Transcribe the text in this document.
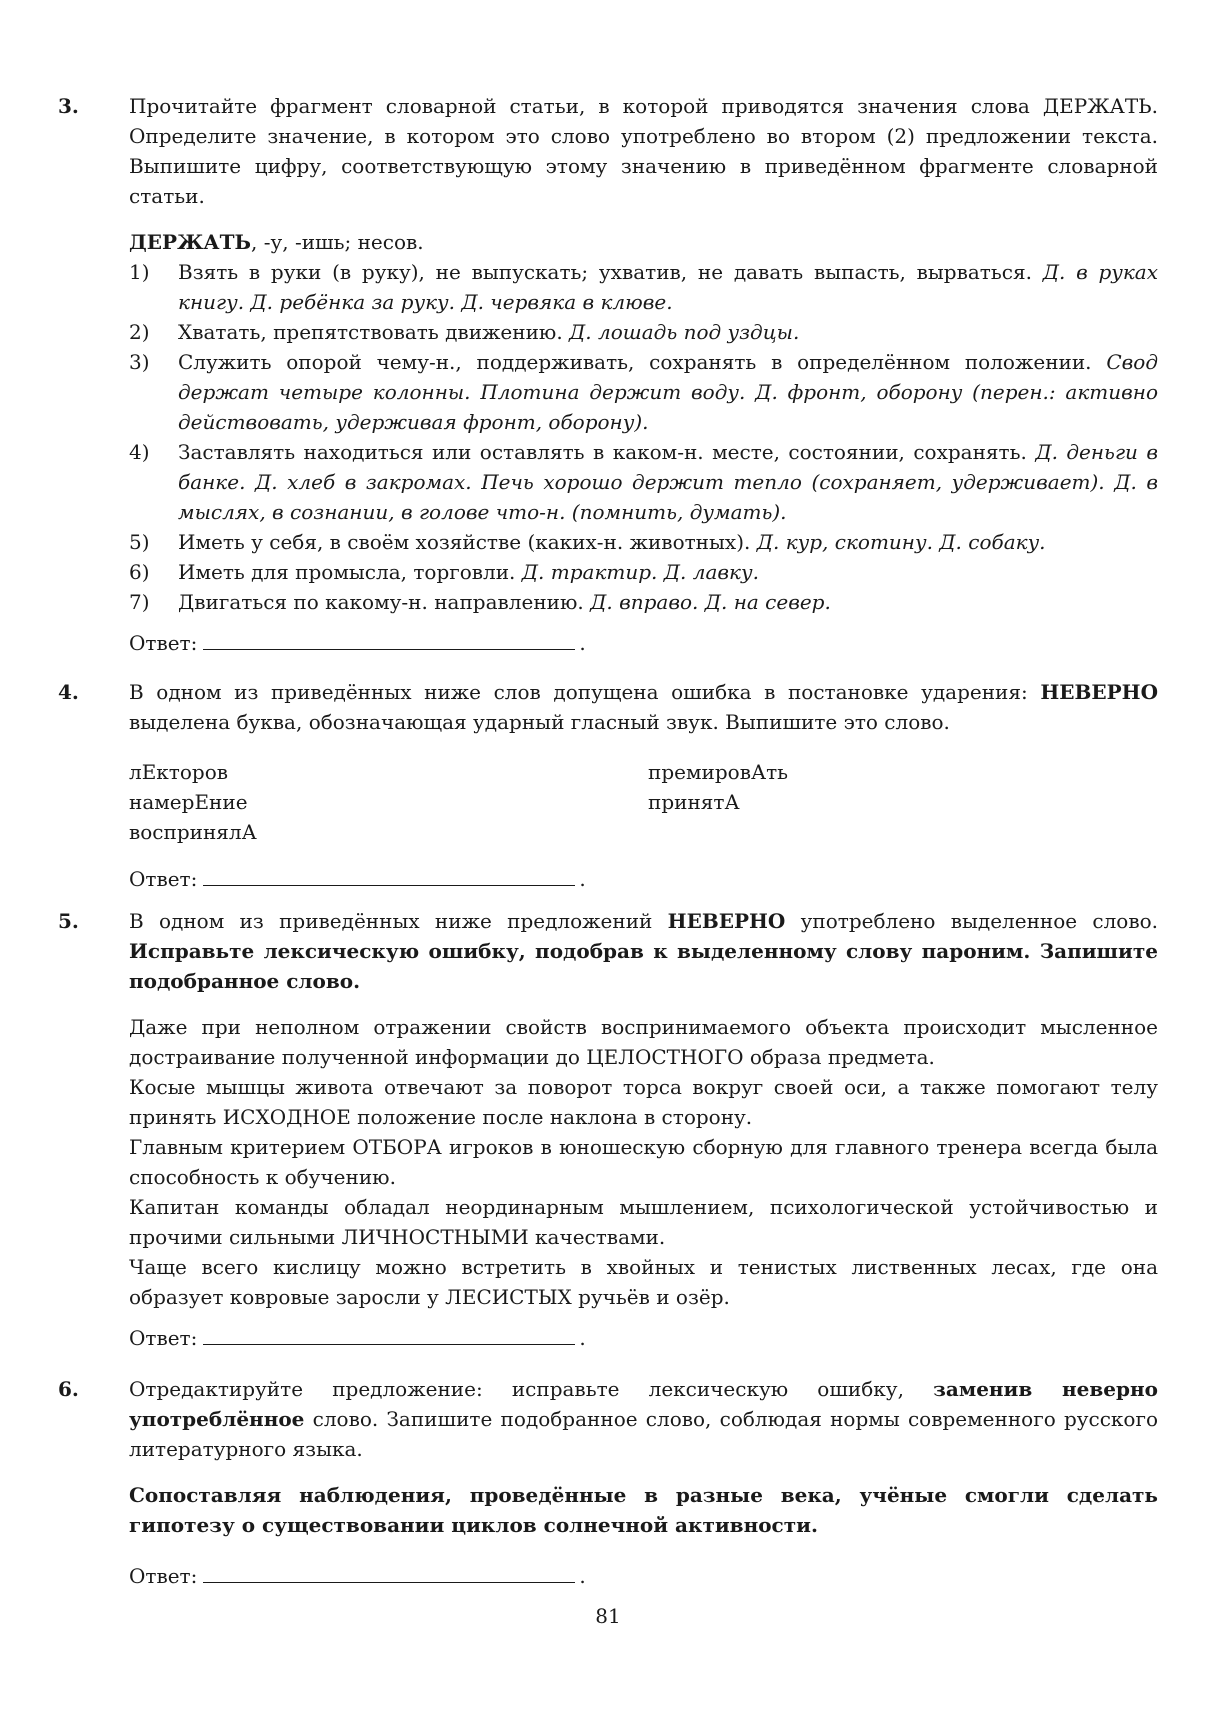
3.	Прочитайте фрагмент словарной статьи, в которой приводятся значения слова ДЕРЖАТЬ. Определите значение, в котором это слово употреблено во втором (2) предложении текста. Выпишите цифру, соответствующую этому значению в приведённом фрагменте словарной статьи.

ДЕРЖАТЬ, -у, -ишь; несов.
1) Взять в руки (в руку), не выпускать; ухватив, не давать выпасть, вырваться. Д. в руках книгу. Д. ребёнка за руку. Д. червяка в клюве.
2) Хватать, препятствовать движению. Д. лошадь под уздцы.
3) Служить опорой чему-н., поддерживать, сохранять в определённом положении. Свод держат четыре колонны. Плотина держит воду. Д. фронт, оборону (перен.: активно действовать, удерживая фронт, оборону).
4) Заставлять находиться или оставлять в каком-н. месте, состоянии, сохранять. Д. деньги в банке. Д. хлеб в закромах. Печь хорошо держит тепло (сохраняет, удерживает). Д. в мыслях, в сознании, в голове что-н. (помнить, думать).
5) Иметь у себя, в своём хозяйстве (каких-н. животных). Д. кур, скотину. Д. собаку.
6) Иметь для промысла, торговли. Д. трактир. Д. лавку.
7) Двигаться по какому-н. направлению. Д. вправо. Д. на север.
Ответ:	.
4.	В одном из приведённых ниже слов допущена ошибка в постановке ударения: НЕВЕРНО выделена буква, обозначающая ударный гласный звук. Выпишите это слово.

лЕкторов
намерЕние
воспринялА
премировАть
принятА
Ответ:	.
5.	В одном из приведённых ниже предложений НЕВЕРНО употреблено выделенное слово. Исправьте лексическую ошибку, подобрав к выделенному слову пароним. Запишите подобранное слово.

Даже при неполном отражении свойств воспринимаемого объекта происходит мысленное достраивание полученной информации до ЦЕЛОСТНОГО образа предмета.

Косые мышцы живота отвечают за поворот торса вокруг своей оси, а также помогают телу принять ИСХОДНОЕ положение после наклона в сторону.

Главным критерием ОТБОРА игроков в юношескую сборную для главного тренера всегда была способность к обучению.

Капитан команды обладал неординарным мышлением, психологической устойчивостью и прочими сильными ЛИЧНОСТНЫМИ качествами.

Чаще всего кислицу можно встретить в хвойных и тенистых лиственных лесах, где она образует ковровые заросли у ЛЕСИСТЫХ ручьёв и озёр.

Ответ:	.
6.	Отредактируйте предложение: исправьте лексическую ошибку, заменив неверно употреблённое слово. Запишите подобранное слово, соблюдая нормы современного русского литературного языка.

Сопоставляя наблюдения, проведённые в разные века, учёные смогли сделать гипотезу о существовании циклов солнечной активности.

Ответ:	.
81
